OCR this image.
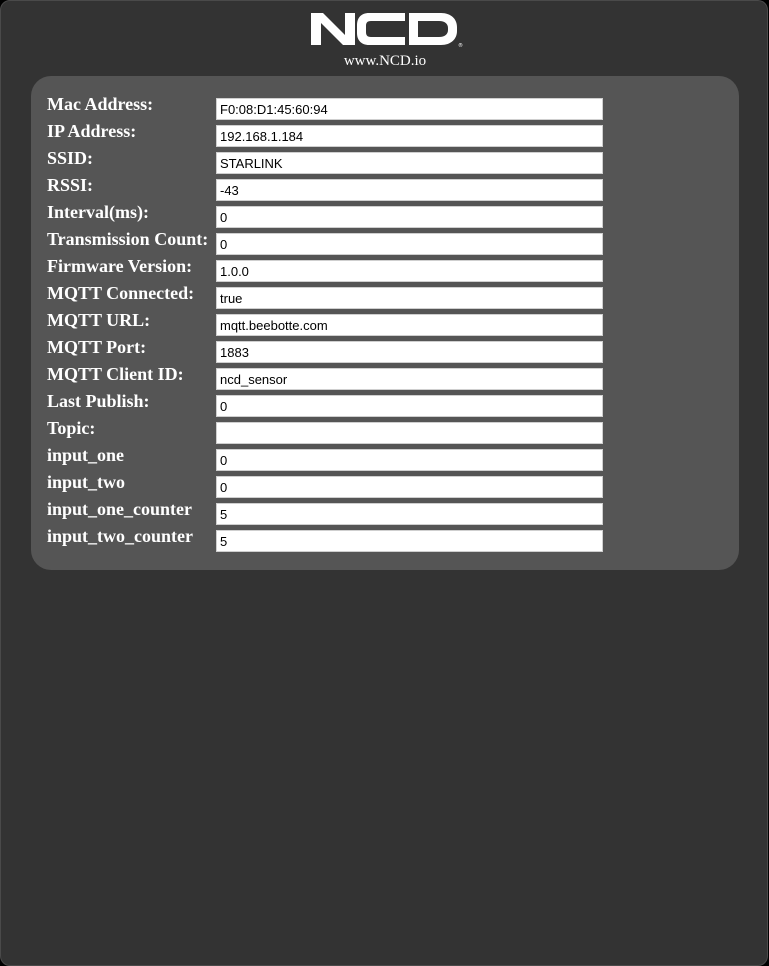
®
NCD
www.NCD.io
Mac Address:
F0:08:D1:45:60:94
IP Address:
192.168.1.184
SSID:
STARLINK
RSSI:
-43
Interval(ms):
0
Transmission Count:
0
Firmware Version:
1.0.0
MQTT Connected:
true
MQTT URL:
mqtt.beebotte.com
MQTT Port:
1883
MQTT Client ID:
ncd_sensor
Last Publish:
0
Topic:
input_one
0
input_two
0
input_one_counter
5
input_two_counter
5
